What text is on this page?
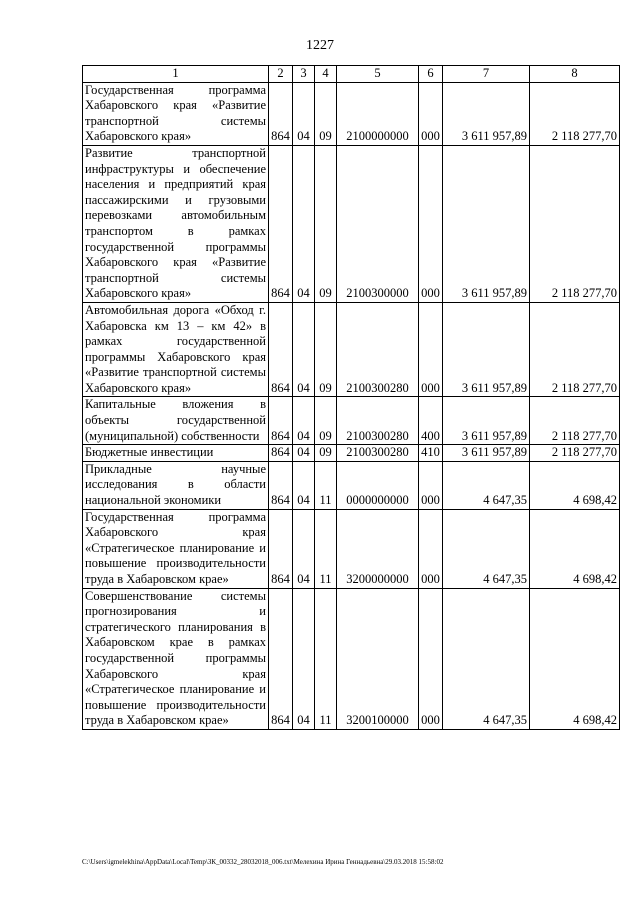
1227
1	2	3	4	5	6	7	8
Государственная программа Хабаровского края «Развитие транспортной системы Хабаровского края»	864	04	09	2100000000	000	3 611 957,89	2 118 277,70
Развитие транспортной инфраструктуры и обеспечение населения и предприятий края пассажирскими и грузовыми перевозками автомобильным транспортом в рамках государственной программы Хабаровского края «Развитие транспортной системы Хабаровского края»	864	04	09	2100300000	000	3 611 957,89	2 118 277,70
Автомобильная дорога «Обход г. Хабаровска км 13 – км 42» в рамках государственной программы Хабаровского края «Развитие транспортной системы Хабаровского края»	864	04	09	2100300280	000	3 611 957,89	2 118 277,70
Капитальные вложения в объекты государственной (муниципальной) собственности	864	04	09	2100300280	400	3 611 957,89	2 118 277,70
Бюджетные инвестиции	864	04	09	2100300280	410	3 611 957,89	2 118 277,70
Прикладные научные исследования в области национальной экономики	864	04	11	0000000000	000	4 647,35	4 698,42
Государственная программа Хабаровского края «Стратегическое планирование и повышение производительности труда в Хабаровском крае»	864	04	11	3200000000	000	4 647,35	4 698,42
Совершенствование системы прогнозирования и стратегического планирования в Хабаровском крае в рамках государственной программы Хабаровского края «Стратегическое планирование и повышение производительности труда в Хабаровском крае»	864	04	11	3200100000	000	4 647,35	4 698,42
C:\Users\igmelekhina\AppData\Local\Temp\ЗК_00332_28032018_006.txt\Мелехина Ирина Геннадьевна\29.03.2018 15:58:02
